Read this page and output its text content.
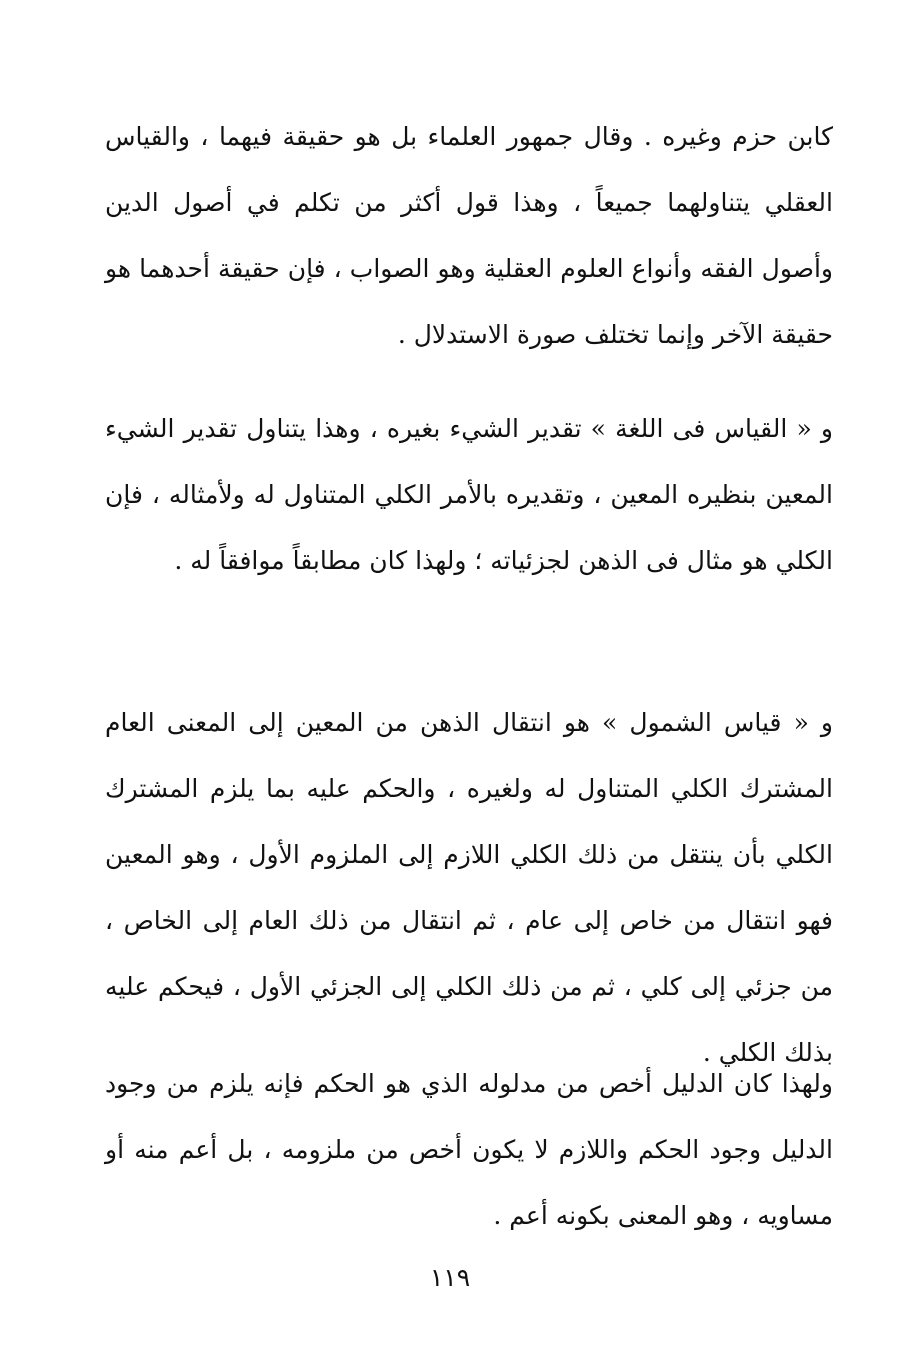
كابن حزم وغيره . وقال جمهور العلماء بل هو حقيقة فيهما ، والقياس العقلي يتناولهما جميعاً ، وهذا قول أكثر من تكلم في أصول الدين وأصول الفقه وأنواع العلوم العقلية وهو الصواب ، فإن حقيقة أحدهما هو حقيقة الآخر وإنما تختلف صورة الاستدلال .

و « القياس فى اللغة » تقدير الشيء بغيره ، وهذا يتناول تقدير الشيء المعين بنظيره المعين ، وتقديره بالأمر الكلي المتناول له ولأمثاله ، فإن الكلي هو مثال فى الذهن لجزئياته ؛ ولهذا كان مطابقاً موافقاً له .

و « قياس الشمول » هو انتقال الذهن من المعين إلى المعنى العام المشترك الكلي المتناول له ولغيره ، والحكم عليه بما يلزم المشترك الكلي بأن ينتقل من ذلك الكلي اللازم إلى الملزوم الأول ، وهو المعين فهو انتقال من خاص إلى عام ، ثم انتقال من ذلك العام إلى الخاص ، من جزئي إلى كلي ، ثم من ذلك الكلي إلى الجزئي الأول ، فيحكم عليه بذلك الكلي .

ولهذا كان الدليل أخص من مدلوله الذي هو الحكم فإنه يلزم من وجود الدليل وجود الحكم واللازم لا يكون أخص من ملزومه ، بل أعم منه أو مساويه ، وهو المعنى بكونه أعم .

١١٩
